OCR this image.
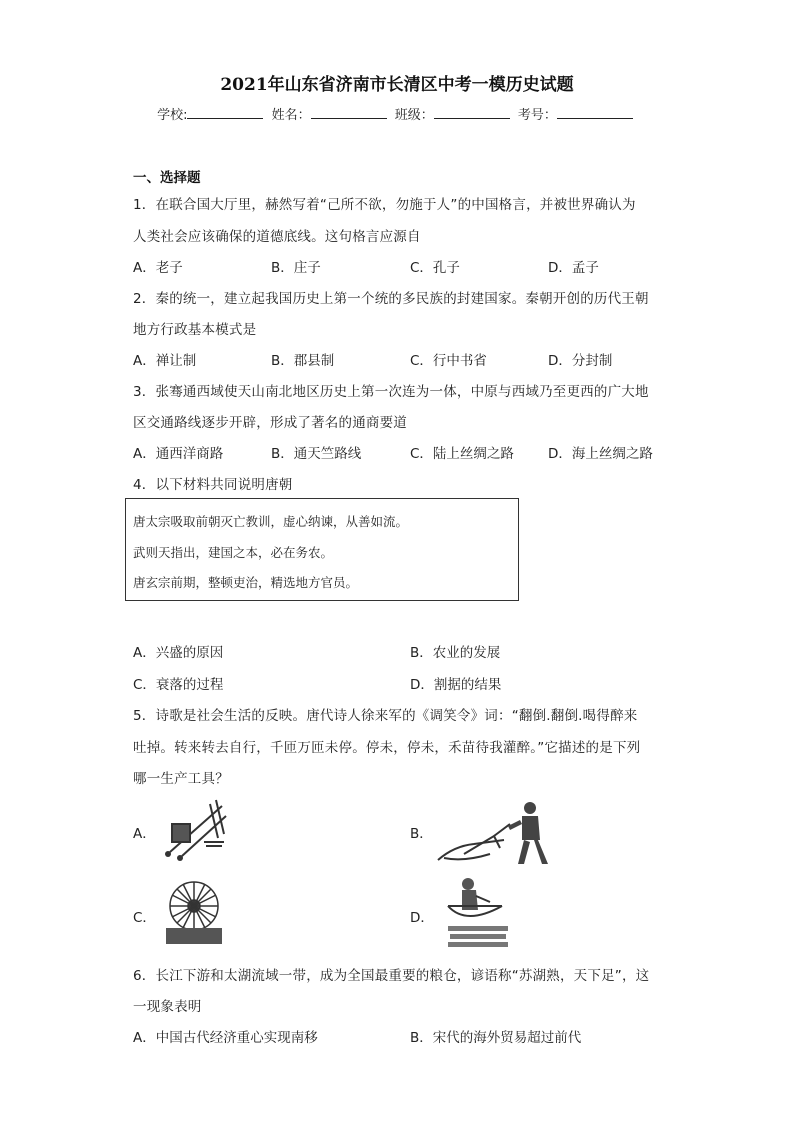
2021年山东省济南市长清区中考一模历史试题
学校:	姓名：	班级：	考号：
一、选择题
1．在联合国大厅里，赫然写着“己所不欲，勿施于人”的中国格言，并被世界确认为
人类社会应该确保的道德底线。这句格言应源自
A．老子	B．庄子	C．孔子	D．孟子
2．秦的统一，建立起我国历史上第一个统的多民族的封建国家。秦朝开创的历代王朝
地方行政基本模式是
A．禅让制	B．郡县制	C．行中书省	D．分封制
3．张骞通西域使天山南北地区历史上第一次连为一体，中原与西域乃至更西的广大地
区交通路线逐步开辟，形成了著名的通商要道
A．通西洋商路	B．通天竺路线	C．陆上丝绸之路	D．海上丝绸之路
4．以下材料共同说明唐朝
唐太宗吸取前朝灭亡教训，虚心纳谏，从善如流。
武则天指出，建国之本，必在务农。
唐玄宗前期，整顿吏治，精选地方官员。
A．兴盛的原因	B．农业的发展
C．衰落的过程	D．割据的结果
5．诗歌是社会生活的反映。唐代诗人徐来军的《调笑令》词：“翻倒.翻倒.喝得醉来
吐掉。转来转去自行，千匝万匝未停。停未，停未，禾苗待我灌醉。”它描述的是下列
哪一生产工具？
A．	B．
C．	D．
6．长江下游和太湖流域一带，成为全国最重要的粮仓，谚语称“苏湖熟，天下足”，这
一现象表明
A．中国古代经济重心实现南移	B．宋代的海外贸易超过前代
